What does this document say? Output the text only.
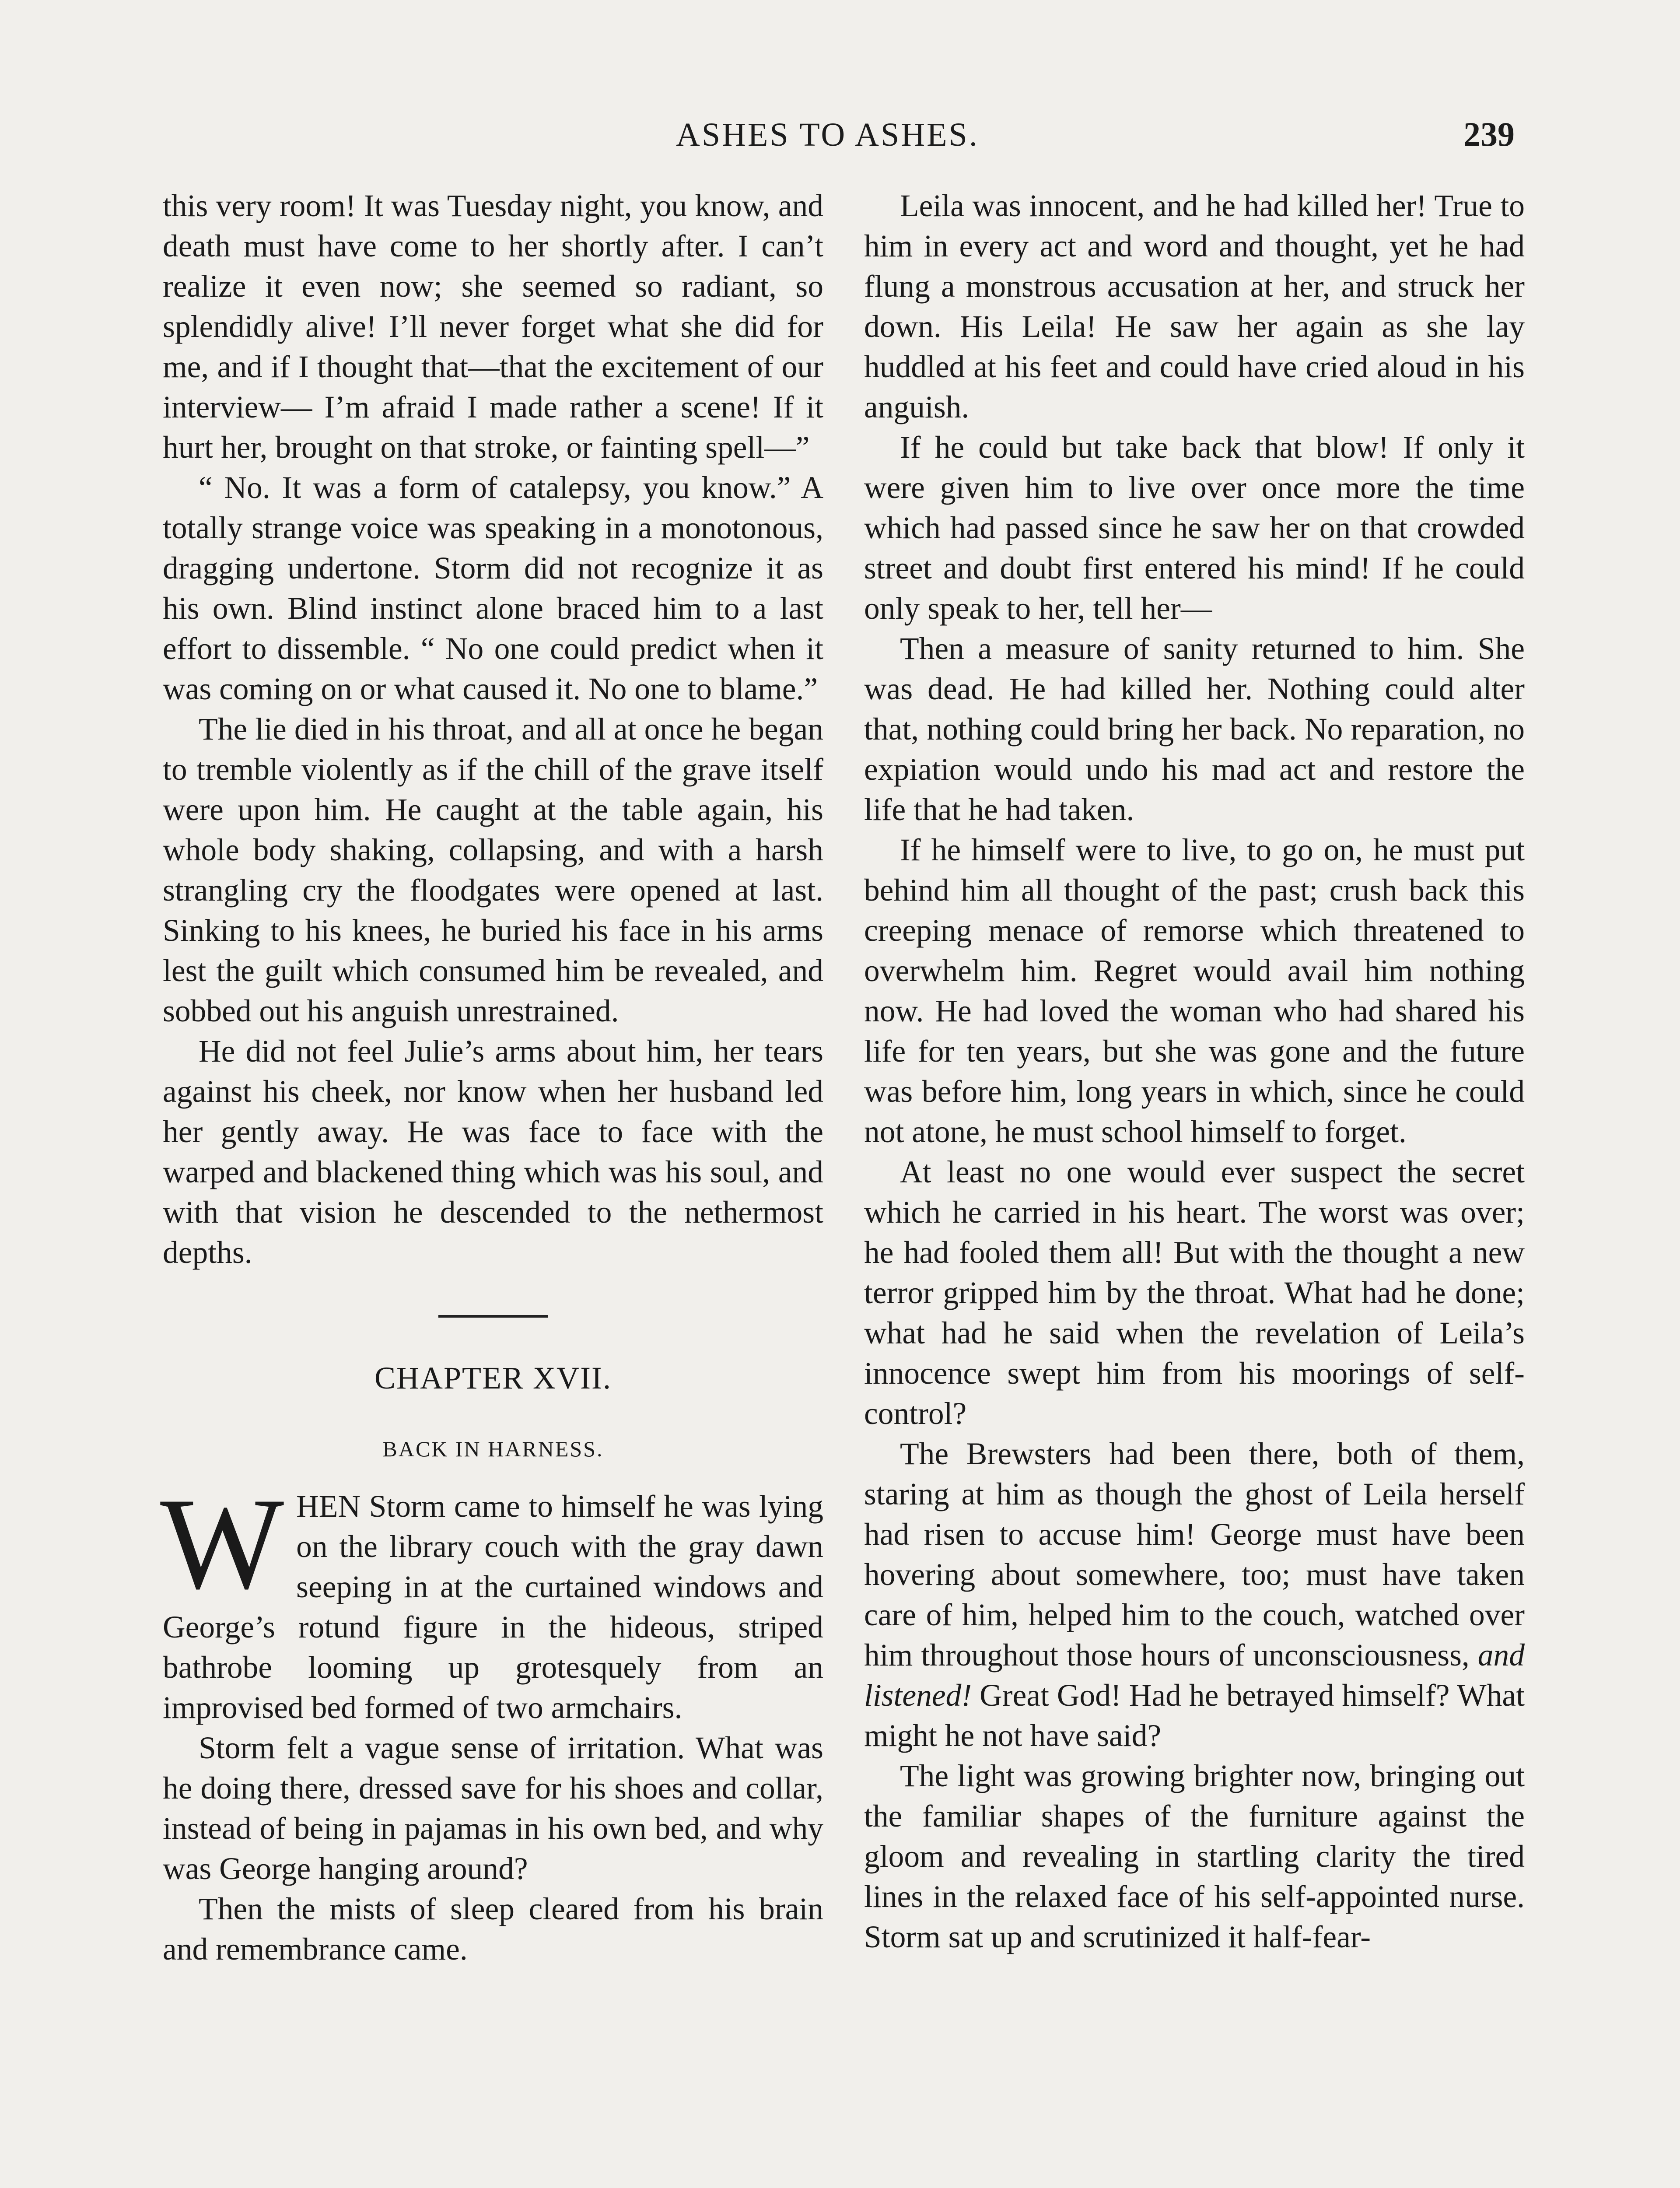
ASHES TO ASHES.	239

this very room! It was Tuesday night, you know, and death must have come to her shortly after. I can’t realize it even now; she seemed so radiant, so splendidly alive! I’ll never forget what she did for me, and if I thought that—that the excitement of our interview— I’m afraid I made rather a scene! If it hurt her, brought on that stroke, or fainting spell—”

“ No. It was a form of catalepsy, you know.” A totally strange voice was speaking in a monotonous, dragging undertone. Storm did not recognize it as his own. Blind instinct alone braced him to a last effort to dissemble. “ No one could predict when it was coming on or what caused it. No one to blame.”

The lie died in his throat, and all at once he began to tremble violently as if the chill of the grave itself were upon him. He caught at the table again, his whole body shaking, collapsing, and with a harsh strangling cry the floodgates were opened at last. Sinking to his knees, he buried his face in his arms lest the guilt which consumed him be revealed, and sobbed out his anguish unrestrained.

He did not feel Julie’s arms about him, her tears against his cheek, nor know when her husband led her gently away. He was face to face with the warped and blackened thing which was his soul, and with that vision he descended to the nethermost depths.

CHAPTER XVII.
BACK IN HARNESS.

WHEN Storm came to himself he was lying on the library couch with the gray dawn seeping in at the curtained windows and George’s rotund figure in the hideous, striped bathrobe looming up grotesquely from an improvised bed formed of two armchairs.

Storm felt a vague sense of irritation. What was he doing there, dressed save for his shoes and collar, instead of being in pajamas in his own bed, and why was George hanging around?

Then the mists of sleep cleared from his brain and remembrance came.

Leila was innocent, and he had killed her! True to him in every act and word and thought, yet he had flung a monstrous accusation at her, and struck her down. His Leila! He saw her again as she lay huddled at his feet and could have cried aloud in his anguish.

If he could but take back that blow! If only it were given him to live over once more the time which had passed since he saw her on that crowded street and doubt first entered his mind! If he could only speak to her, tell her—

Then a measure of sanity returned to him. She was dead. He had killed her. Nothing could alter that, nothing could bring her back. No reparation, no expiation would undo his mad act and restore the life that he had taken.

If he himself were to live, to go on, he must put behind him all thought of the past; crush back this creeping menace of remorse which threatened to overwhelm him. Regret would avail him nothing now. He had loved the woman who had shared his life for ten years, but she was gone and the future was before him, long years in which, since he could not atone, he must school himself to forget.

At least no one would ever suspect the secret which he carried in his heart. The worst was over; he had fooled them all! But with the thought a new terror gripped him by the throat. What had he done; what had he said when the revelation of Leila’s innocence swept him from his moorings of self-control?

The Brewsters had been there, both of them, staring at him as though the ghost of Leila herself had risen to accuse him! George must have been hovering about somewhere, too; must have taken care of him, helped him to the couch, watched over him throughout those hours of unconsciousness, and listened! Great God! Had he betrayed himself? What might he not have said?

The light was growing brighter now, bringing out the familiar shapes of the furniture against the gloom and revealing in startling clarity the tired lines in the relaxed face of his self-appointed nurse. Storm sat up and scrutinized it half-fear-
